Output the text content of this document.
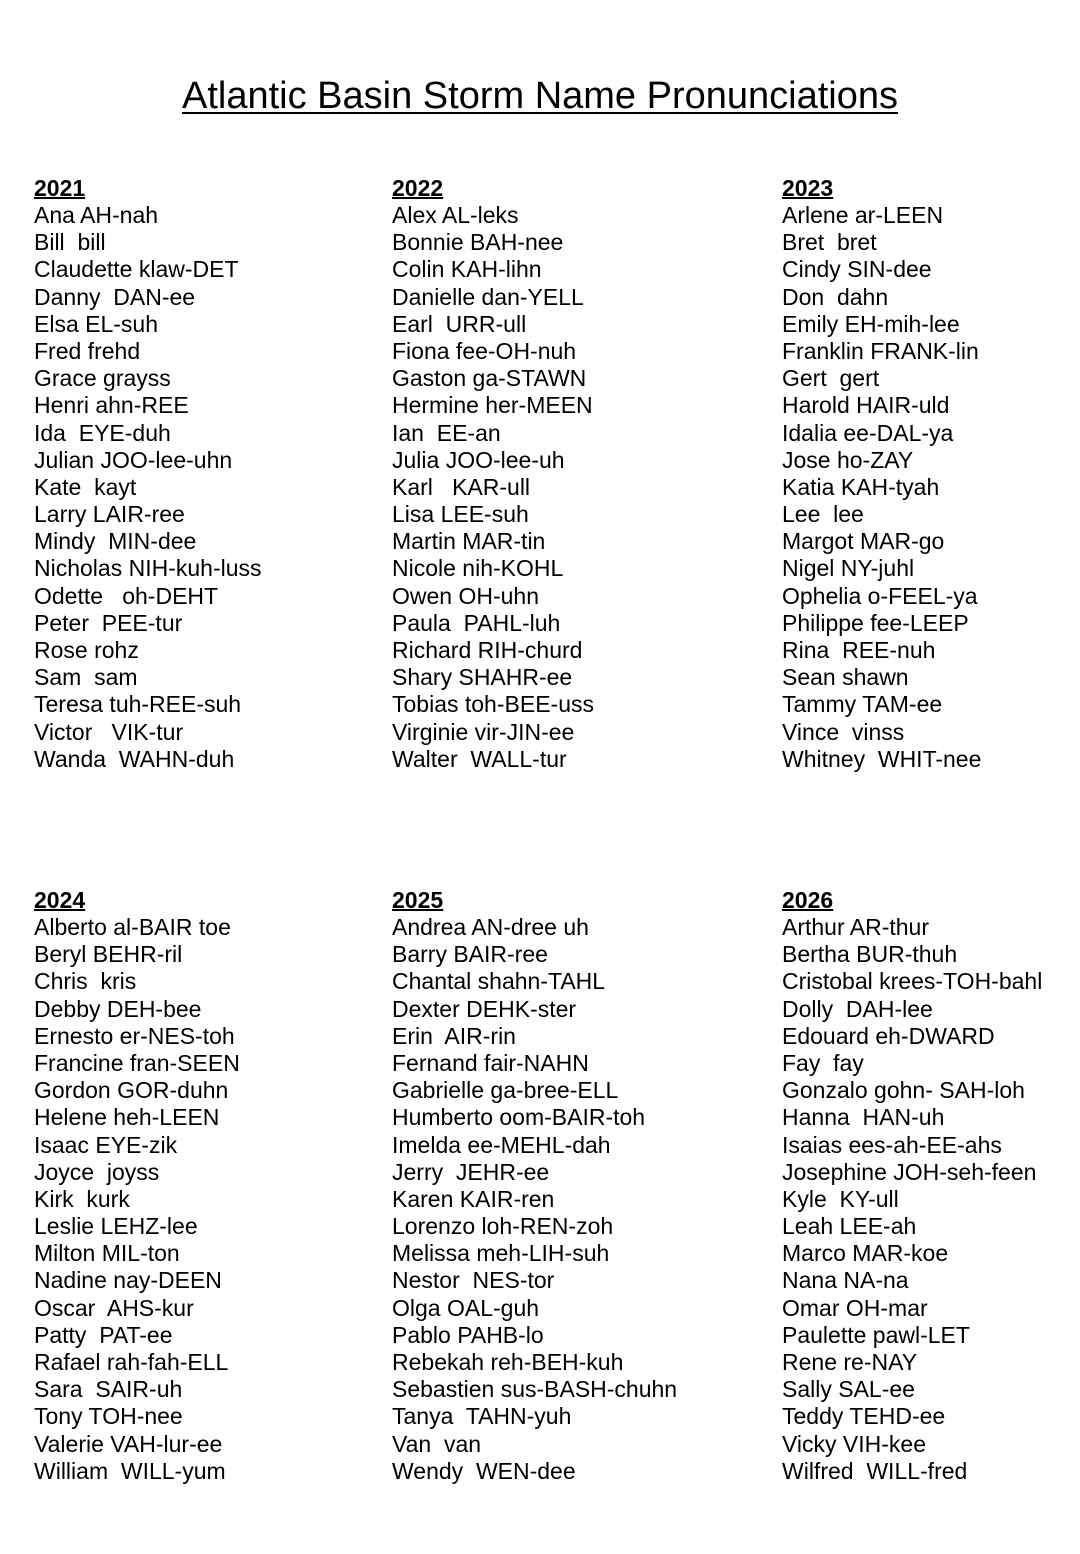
Atlantic Basin Storm Name Pronunciations
2021
Ana AH-nah
Bill  bill
Claudette klaw-DET
Danny  DAN-ee
Elsa EL-suh
Fred frehd
Grace grayss
Henri ahn-REE
Ida  EYE-duh
Julian JOO-lee-uhn
Kate  kayt
Larry LAIR-ree
Mindy  MIN-dee
Nicholas NIH-kuh-luss
Odette   oh-DEHT
Peter  PEE-tur
Rose rohz
Sam  sam
Teresa tuh-REE-suh
Victor   VIK-tur
Wanda  WAHN-duh
2022
Alex AL-leks
Bonnie BAH-nee
Colin KAH-lihn
Danielle dan-YELL
Earl  URR-ull
Fiona fee-OH-nuh
Gaston ga-STAWN
Hermine her-MEEN
Ian  EE-an
Julia JOO-lee-uh
Karl   KAR-ull
Lisa LEE-suh
Martin MAR-tin
Nicole nih-KOHL
Owen OH-uhn
Paula  PAHL-luh
Richard RIH-churd
Shary SHAHR-ee
Tobias toh-BEE-uss
Virginie vir-JIN-ee
Walter  WALL-tur
2023
Arlene ar-LEEN
Bret  bret
Cindy SIN-dee
Don  dahn
Emily EH-mih-lee
Franklin FRANK-lin
Gert  gert
Harold HAIR-uld
Idalia ee-DAL-ya
Jose ho-ZAY
Katia KAH-tyah
Lee  lee
Margot MAR-go
Nigel NY-juhl
Ophelia o-FEEL-ya
Philippe fee-LEEP
Rina  REE-nuh
Sean shawn
Tammy TAM-ee
Vince  vinss
Whitney  WHIT-nee
2024
Alberto al-BAIR toe
Beryl BEHR-ril
Chris  kris
Debby DEH-bee
Ernesto er-NES-toh
Francine fran-SEEN
Gordon GOR-duhn
Helene heh-LEEN
Isaac EYE-zik
Joyce  joyss
Kirk  kurk
Leslie LEHZ-lee
Milton MIL-ton
Nadine nay-DEEN
Oscar  AHS-kur
Patty  PAT-ee
Rafael rah-fah-ELL
Sara  SAIR-uh
Tony TOH-nee
Valerie VAH-lur-ee
William  WILL-yum
2025
Andrea AN-dree uh
Barry BAIR-ree
Chantal shahn-TAHL
Dexter DEHK-ster
Erin  AIR-rin
Fernand fair-NAHN
Gabrielle ga-bree-ELL
Humberto oom-BAIR-toh
Imelda ee-MEHL-dah
Jerry  JEHR-ee
Karen KAIR-ren
Lorenzo loh-REN-zoh
Melissa meh-LIH-suh
Nestor  NES-tor
Olga OAL-guh
Pablo PAHB-lo
Rebekah reh-BEH-kuh
Sebastien sus-BASH-chuhn
Tanya  TAHN-yuh
Van  van
Wendy  WEN-dee
2026
Arthur AR-thur
Bertha BUR-thuh
Cristobal krees-TOH-bahl
Dolly  DAH-lee
Edouard eh-DWARD
Fay  fay
Gonzalo gohn- SAH-loh
Hanna  HAN-uh
Isaias ees-ah-EE-ahs
Josephine JOH-seh-feen
Kyle  KY-ull
Leah LEE-ah
Marco MAR-koe
Nana NA-na
Omar OH-mar
Paulette pawl-LET
Rene re-NAY
Sally SAL-ee
Teddy TEHD-ee
Vicky VIH-kee
Wilfred  WILL-fred
